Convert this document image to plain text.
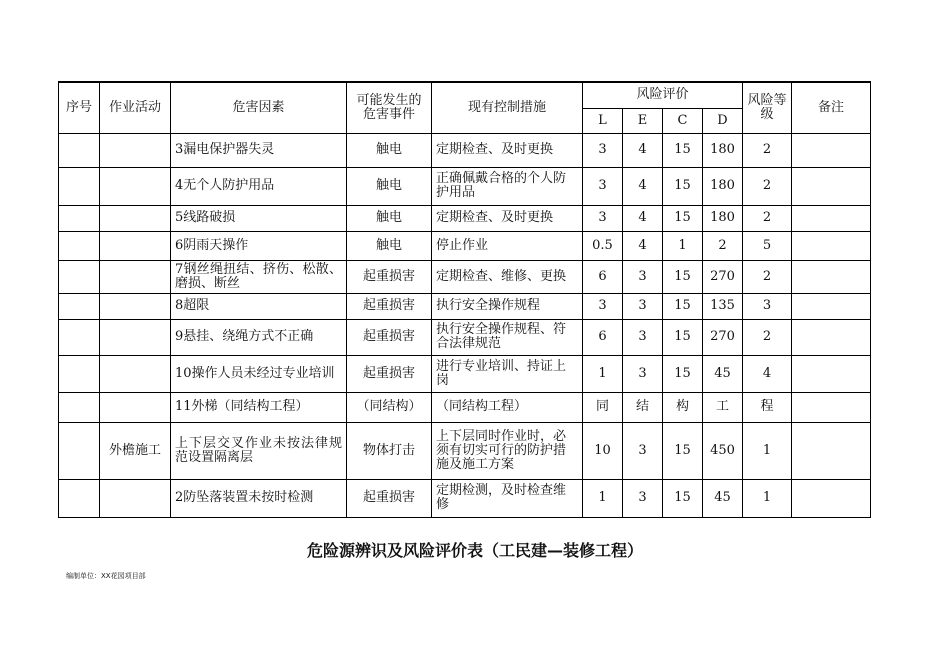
序号	作业活动	危害因素	可能发生的危害事件	现有控制措施	风险评价				风险等级	备注
					L	E	C	D		
		3漏电保护器失灵	触电	定期检查、及时更换	3	4	15	180	2	
		4无个人防护用品	触电	正确佩戴合格的个人防护用品	3	4	15	180	2	
		5线路破损	触电	定期检查、及时更换	3	4	15	180	2	
		6阴雨天操作	触电	停止作业	0.5	4	1	2	5	
		7钢丝绳扭结、挤伤、松散、磨损、断丝	起重损害	定期检查、维修、更换	6	3	15	270	2	
		8超限	起重损害	执行安全操作规程	3	3	15	135	3	
		9悬挂、绕绳方式不正确	起重损害	执行安全操作规程、符合法律规范	6	3	15	270	2	
		10操作人员未经过专业培训	起重损害	进行专业培训、持证上岗	1	3	15	45	4	
		11外梯（同结构工程）	（同结构）	（同结构工程）	同	结	构	工	程	
	外檐施工	上下层交叉作业未按法律规范设置隔离层	物体打击	上下层同时作业时，必须有切实可行的防护措施及施工方案	10	3	15	450	1	
		2防坠落装置未按时检测	起重损害	定期检测，及时检查维修	1	3	15	45	1	
危险源辨识及风险评价表（工民建—装修工程）
编制单位：XX花园项目部
